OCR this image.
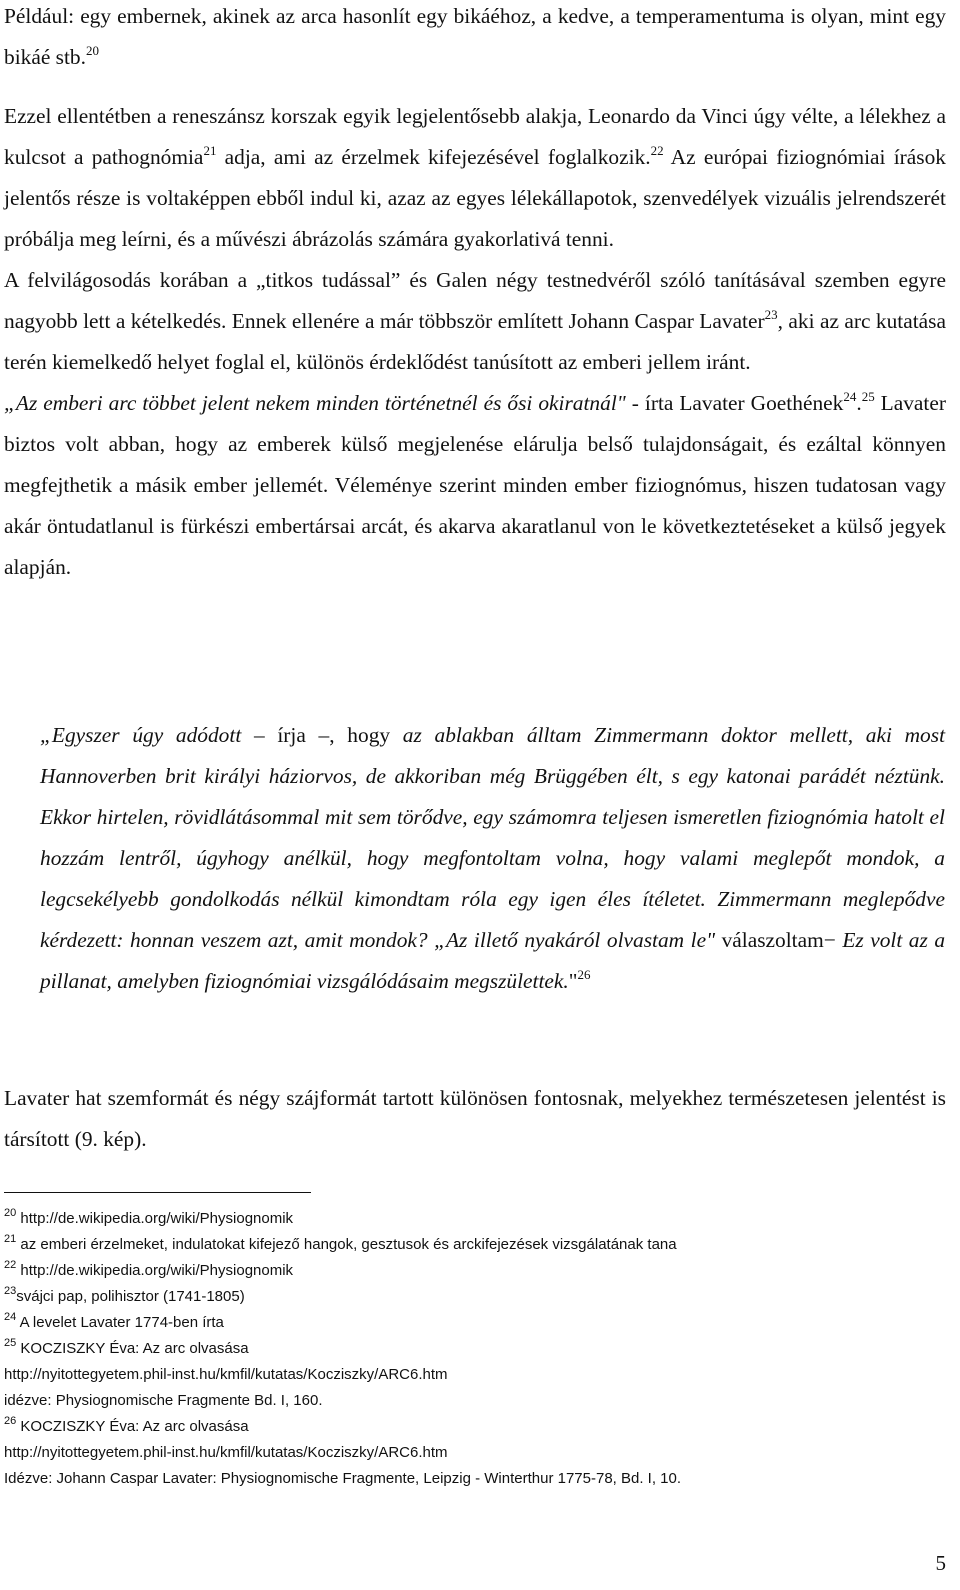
Például: egy embernek, akinek az arca hasonlít egy bikáéhoz, a kedve, a temperamentuma is olyan, mint egy bikáé stb.$^{20}$

Ezzel ellentétben a reneszánsz korszak egyik legjelentősebb alakja, Leonardo da Vinci úgy vélte, a lélekhez a kulcsot a pathognómia$^{21}$ adja, ami az érzelmek kifejezésével foglalkozik.$^{22}$ Az európai fiziognómiai írások jelentős része is voltaképpen ebből indul ki, azaz az egyes lélekállapotok, szenvedélyek vizuális jelrendszerét próbálja meg leírni, és a művészi ábrázolás számára gyakorlativá tenni.

A felvilágosodás korában a „titkos tudással” és Galen négy testnedvéről szóló tanításával szemben egyre nagyobb lett a kételkedés. Ennek ellenére a már többször említett Johann Caspar Lavater$^{23}$, aki az arc kutatása terén kiemelkedő helyet foglal el, különös érdeklődést tanúsított az emberi jellem iránt.

„Az emberi arc többet jelent nekem minden történetnél és ősi okiratnál" - írta Lavater Goethének$^{24}$.$^{25}$ Lavater biztos volt abban, hogy az emberek külső megjelenése elárulja belső tulajdonságait, és ezáltal könnyen megfejthetik a másik ember jellemét. Véleménye szerint minden ember fiziognómus, hiszen tudatosan vagy akár öntudatlanul is fürkészi embertársai arcát, és akarva akaratlanul von le következtetéseket a külső jegyek alapján.

„Egyszer úgy adódott – írja –, hogy az ablakban álltam Zimmermann doktor mellett, aki most Hannoverben brit királyi háziorvos, de akkoriban még Brüggében élt, s egy katonai parádét néztünk. Ekkor hirtelen, rövidlátásommal mit sem törődve, egy számomra teljesen ismeretlen fiziognómia hatolt el hozzám lentről, úgyhogy anélkül, hogy megfontoltam volna, hogy valami meglepőt mondok, a legcsekélyebb gondolkodás nélkül kimondtam róla egy igen éles ítéletet. Zimmermann meglepődve kérdezett: honnan veszem azt, amit mondok? „Az illető nyakáról olvastam le" válaszoltam− Ez volt az a pillanat, amelyben fiziognómiai vizsgálódásaim megszülettek."$^{26}$

Lavater hat szemformát és négy szájformát tartott különösen fontosnak, melyekhez természetesen jelentést is társított (9. kép).

$^{20}$ http://de.wikipedia.org/wiki/Physiognomik
$^{21}$ az emberi érzelmeket, indulatokat kifejező hangok, gesztusok és arckifejezések vizsgálatának tana
$^{22}$ http://de.wikipedia.org/wiki/Physiognomik
$^{23}$svájci pap, polihisztor (1741-1805)
$^{24}$ A levelet Lavater 1774-ben írta
$^{25}$ KOCZISZKY Éva: Az arc olvasása
http://nyitottegyetem.phil-inst.hu/kmfil/kutatas/Kocziszky/ARC6.htm
idézve: Physiognomische Fragmente Bd. I, 160.
$^{26}$ KOCZISZKY Éva: Az arc olvasása
http://nyitottegyetem.phil-inst.hu/kmfil/kutatas/Kocziszky/ARC6.htm
Idézve: Johann Caspar Lavater: Physiognomische Fragmente, Leipzig - Winterthur 1775-78, Bd. I, 10.
5
